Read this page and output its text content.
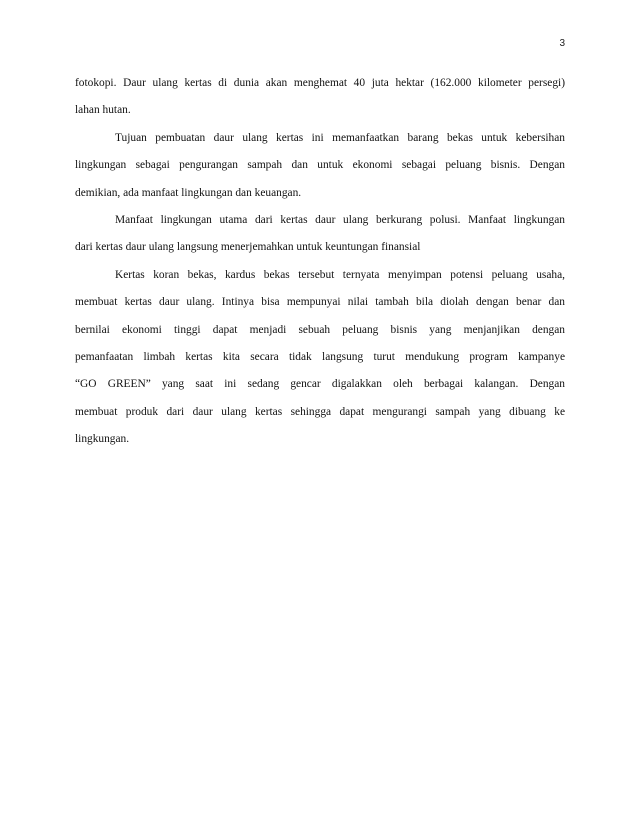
3
fotokopi. Daur ulang kertas di dunia akan menghemat 40 juta hektar (162.000 kilometer persegi)
lahan hutan.
Tujuan pembuatan daur ulang kertas ini memanfaatkan barang bekas untuk kebersihan
lingkungan sebagai pengurangan sampah dan untuk ekonomi sebagai peluang bisnis. Dengan
demikian, ada manfaat lingkungan dan keuangan.
Manfaat lingkungan utama dari kertas daur ulang berkurang polusi. Manfaat lingkungan
dari kertas daur ulang langsung menerjemahkan untuk keuntungan finansial
Kertas koran bekas, kardus bekas tersebut ternyata menyimpan potensi peluang usaha,
membuat kertas daur ulang. Intinya bisa mempunyai nilai tambah bila diolah dengan benar dan
bernilai ekonomi tinggi dapat menjadi sebuah peluang bisnis yang menjanjikan dengan
pemanfaatan limbah kertas kita secara tidak langsung turut mendukung program kampanye
“GO GREEN” yang saat ini sedang gencar digalakkan oleh berbagai kalangan. Dengan
membuat produk dari daur ulang kertas sehingga dapat mengurangi sampah yang dibuang ke
lingkungan.
